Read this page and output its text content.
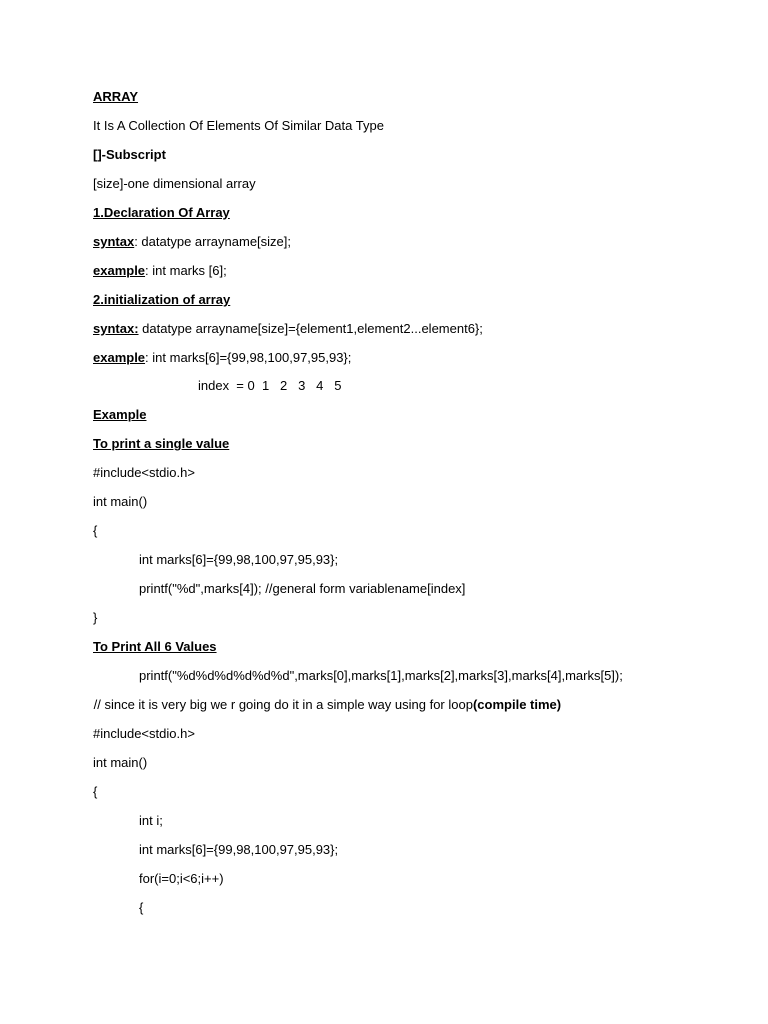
ARRAY
It Is A Collection Of Elements Of Similar Data Type
[]-Subscript
[size]-one dimensional array
1.Declaration Of Array
syntax: datatype arrayname[size];
example: int marks [6];
2.initialization of array
syntax: datatype arrayname[size]={element1,element2...element6};
example: int marks[6]={99,98,100,97,95,93};
index  = 0  1   2   3   4   5
Example
To print a single value
#include<stdio.h>
int main()
{
int marks[6]={99,98,100,97,95,93};
printf("%d",marks[4]); //general form variablename[index]
}
To Print All 6 Values
printf("%d%d%d%d%d%d",marks[0],marks[1],marks[2],marks[3],marks[4],marks[5]);
// since it is very big we r going do it in a simple way using for loop(compile time)
#include<stdio.h>
int main()
{
int i;
int marks[6]={99,98,100,97,95,93};
for(i=0;i<6;i++)
{
